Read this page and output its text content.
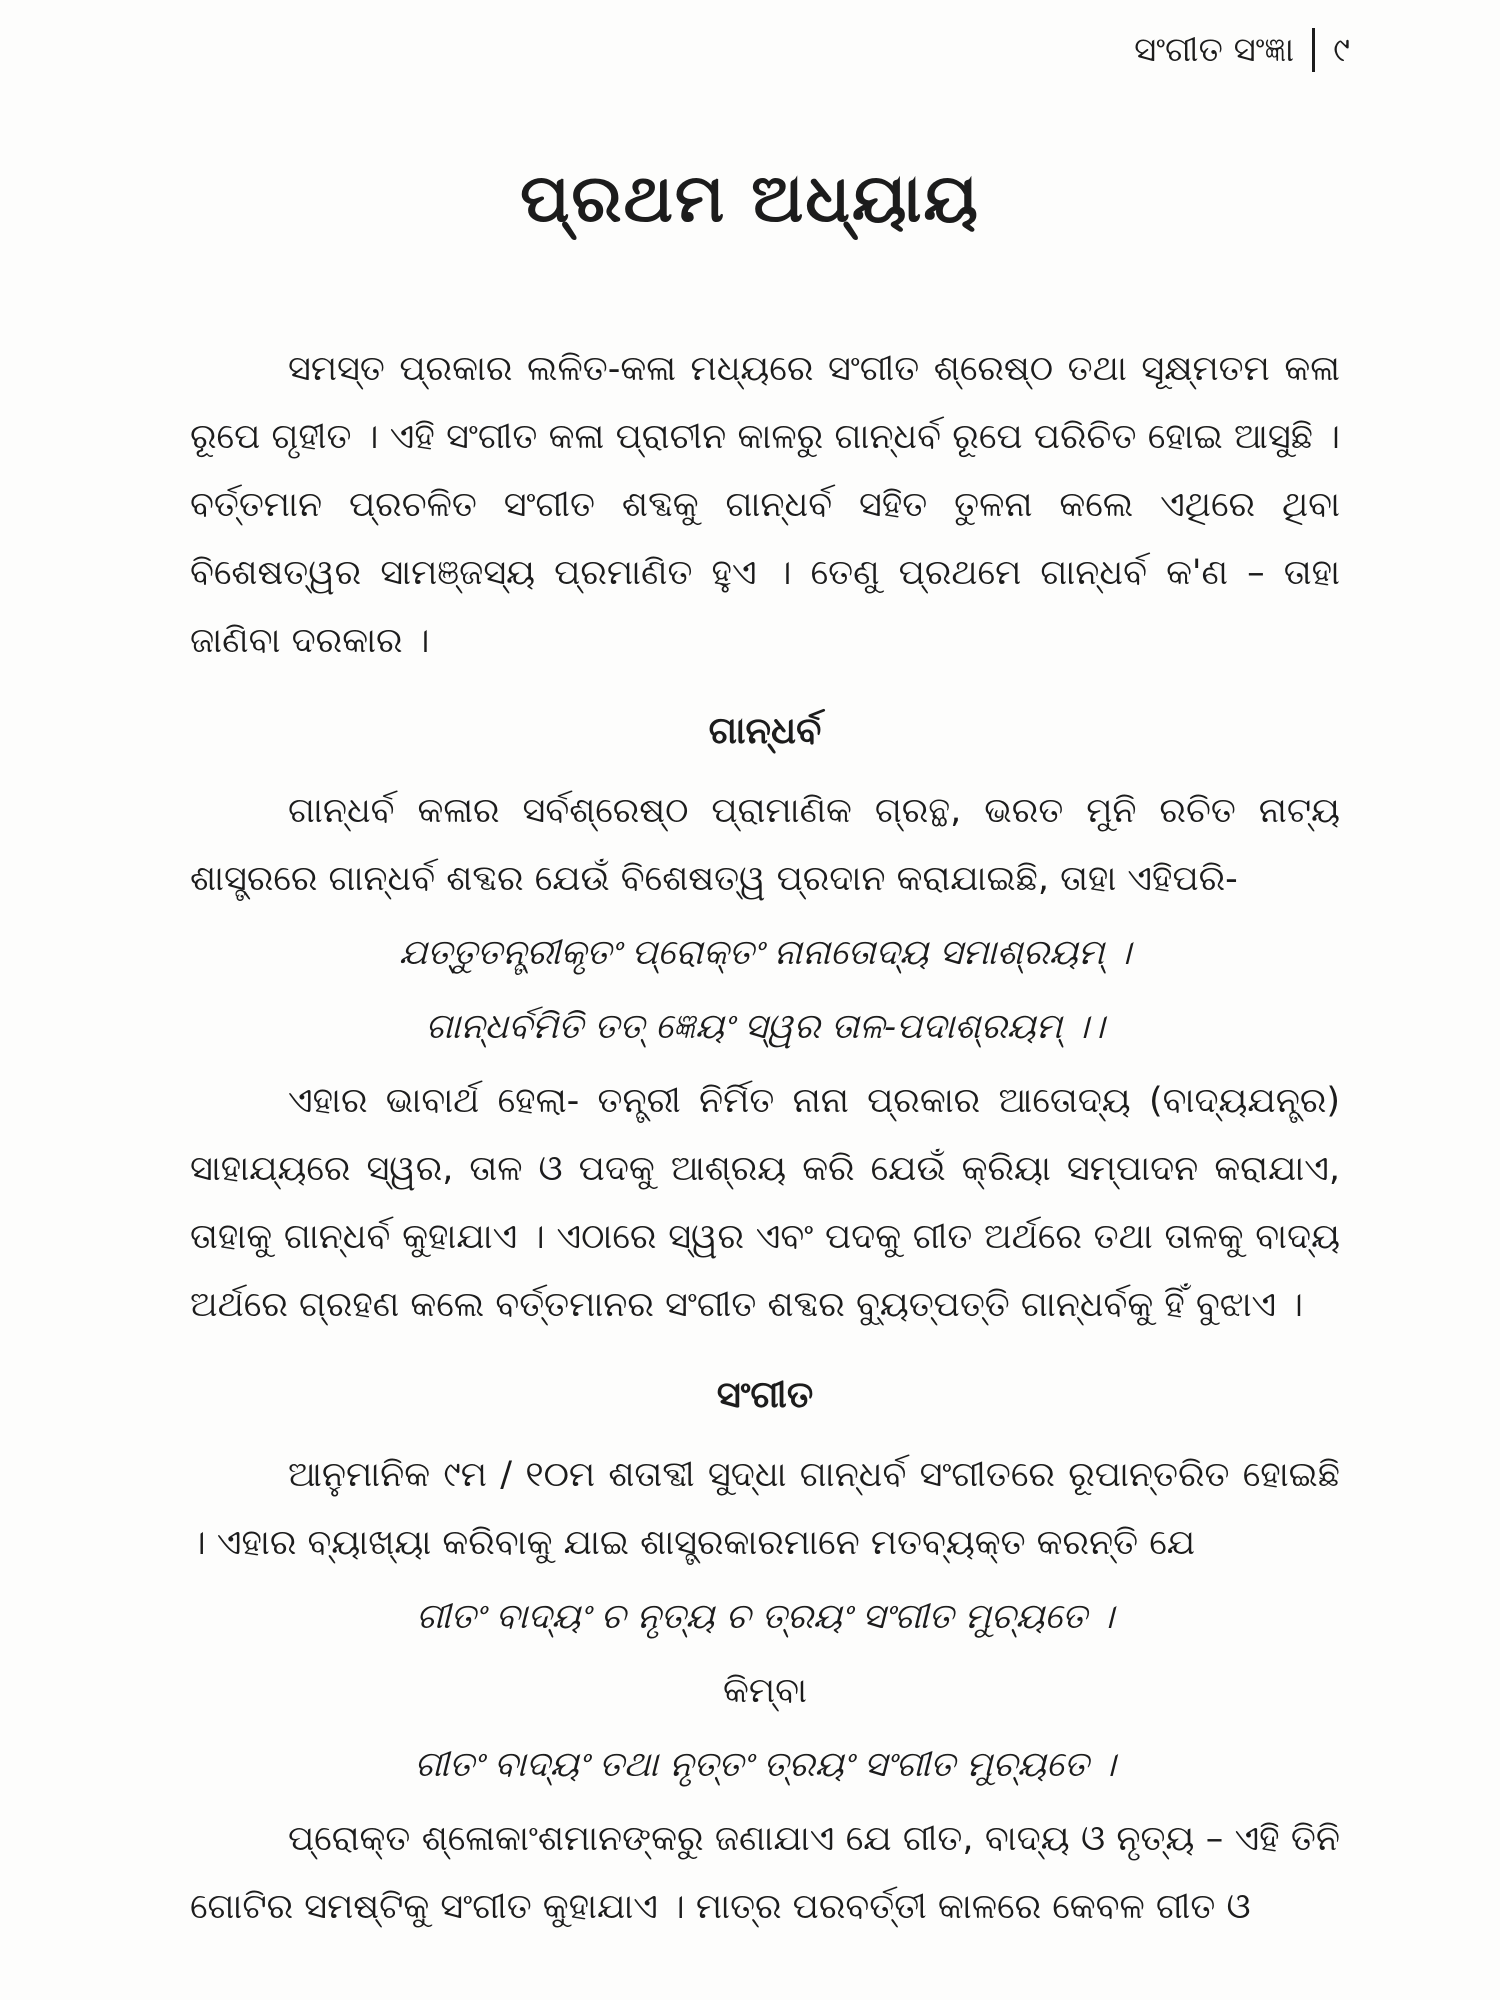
ସଂଗୀତ ସଂଜ୍ଞା ୯
ପ୍ରଥମ ଅଧ୍ୟାୟ

ସମସ୍ତ ପ୍ରକାର ଲଳିତ-କଳା ମଧ୍ୟରେ ସଂଗୀତ ଶ୍ରେଷ୍ଠ ତଥା ସୂକ୍ଷ୍ମତମ କଳା ରୂପେ ଗୃହୀତ । ଏହି ସଂଗୀତ କଳା ପ୍ରାଚୀନ କାଳରୁ ଗାନ୍ଧର୍ବ ରୂପେ ପରିଚିତ ହୋଇ ଆସୁଛି । ବର୍ତ୍ତମାନ ପ୍ରଚଳିତ ସଂଗୀତ ଶବ୍ଦକୁ ଗାନ୍ଧର୍ବ ସହିତ ତୁଳନା କଲେ ଏଥିରେ ଥିବା ବିଶେଷତ୍ୱର ସାମଞ୍ଜସ୍ୟ ପ୍ରମାଣିତ ହୁଏ । ତେଣୁ ପ୍ରଥମେ ଗାନ୍ଧର୍ବ କ'ଣ – ତାହା ଜାଣିବା ଦରକାର ।

ଗାନ୍ଧର୍ବ

ଗାନ୍ଧର୍ବ କଳାର ସର୍ବଶ୍ରେଷ୍ଠ ପ୍ରାମାଣିକ ଗ୍ରନ୍ଥ, ଭରତ ମୁନି ରଚିତ ନାଟ୍ୟ ଶାସ୍ତ୍ରରେ ଗାନ୍ଧର୍ବ ଶବ୍ଦର ଯେଉଁ ବିଶେଷତ୍ୱ ପ୍ରଦାନ କରାଯାଇଛି, ତାହା ଏହିପରି-

ଯତ୍ତୁତନ୍ତ୍ରୀକୃତଂ ପ୍ରୋକ୍ତଂ ନାନାତୋଦ୍ୟ ସମାଶ୍ରୟମ୍ ।
ଗାନ୍ଧର୍ବମିତି ତତ୍ ଜ୍ଞେୟଂ ସ୍ୱର ତାଳ-ପଦାଶ୍ରୟମ୍ ।।

ଏହାର ଭାବାର୍ଥ ହେଲା- ତନ୍ତ୍ରୀ ନିର୍ମିତ ନାନା ପ୍ରକାର ଆତୋଦ୍ୟ (ବାଦ୍ୟଯନ୍ତ୍ର) ସାହାଯ୍ୟରେ ସ୍ୱର, ତାଳ ଓ ପଦକୁ ଆଶ୍ରୟ କରି ଯେଉଁ କ୍ରିୟା ସମ୍ପାଦନ କରାଯାଏ, ତାହାକୁ ଗାନ୍ଧର୍ବ କୁହାଯାଏ । ଏଠାରେ ସ୍ୱର ଏବଂ ପଦକୁ ଗୀତ ଅର୍ଥରେ ତଥା ତାଳକୁ ବାଦ୍ୟ ଅର୍ଥରେ ଗ୍ରହଣ କଲେ ବର୍ତ୍ତମାନର ସଂଗୀତ ଶବ୍ଦର ବ୍ୟୁତ୍ପତ୍ତି ଗାନ୍ଧର୍ବକୁ ହିଁ ବୁଝାଏ ।

ସଂଗୀତ

ଆନୁମାନିକ ୯ମ / ୧୦ମ ଶତାବ୍ଦୀ ସୁଦ୍ଧା ଗାନ୍ଧର୍ବ ସଂଗୀତରେ ରୂପାନ୍ତରିତ ହୋଇଛି । ଏହାର ବ୍ୟାଖ୍ୟା କରିବାକୁ ଯାଇ ଶାସ୍ତ୍ରକାରମାନେ ମତବ୍ୟକ୍ତ କରନ୍ତି ଯେ

ଗୀତଂ ବାଦ୍ୟଂ ଚ ନୃତ୍ୟ ଚ ତ୍ରୟଂ ସଂଗୀତ ମୁଚ୍ୟତେ ।
କିମ୍ବା
ଗୀତଂ ବାଦ୍ୟଂ ତଥା ନୃତ୍ତଂ ତ୍ରୟଂ ସଂଗୀତ ମୁଚ୍ୟତେ ।

ପ୍ରୋକ୍ତ ଶ୍ଳୋକାଂଶମାନଙ୍କରୁ ଜଣାଯାଏ ଯେ ଗୀତ, ବାଦ୍ୟ ଓ ନୃତ୍ୟ – ଏହି ତିନି ଗୋଟିର ସମଷ୍ଟିକୁ ସଂଗୀତ କୁହାଯାଏ । ମାତ୍ର ପରବର୍ତ୍ତୀ କାଳରେ କେବଳ ଗୀତ ଓ
